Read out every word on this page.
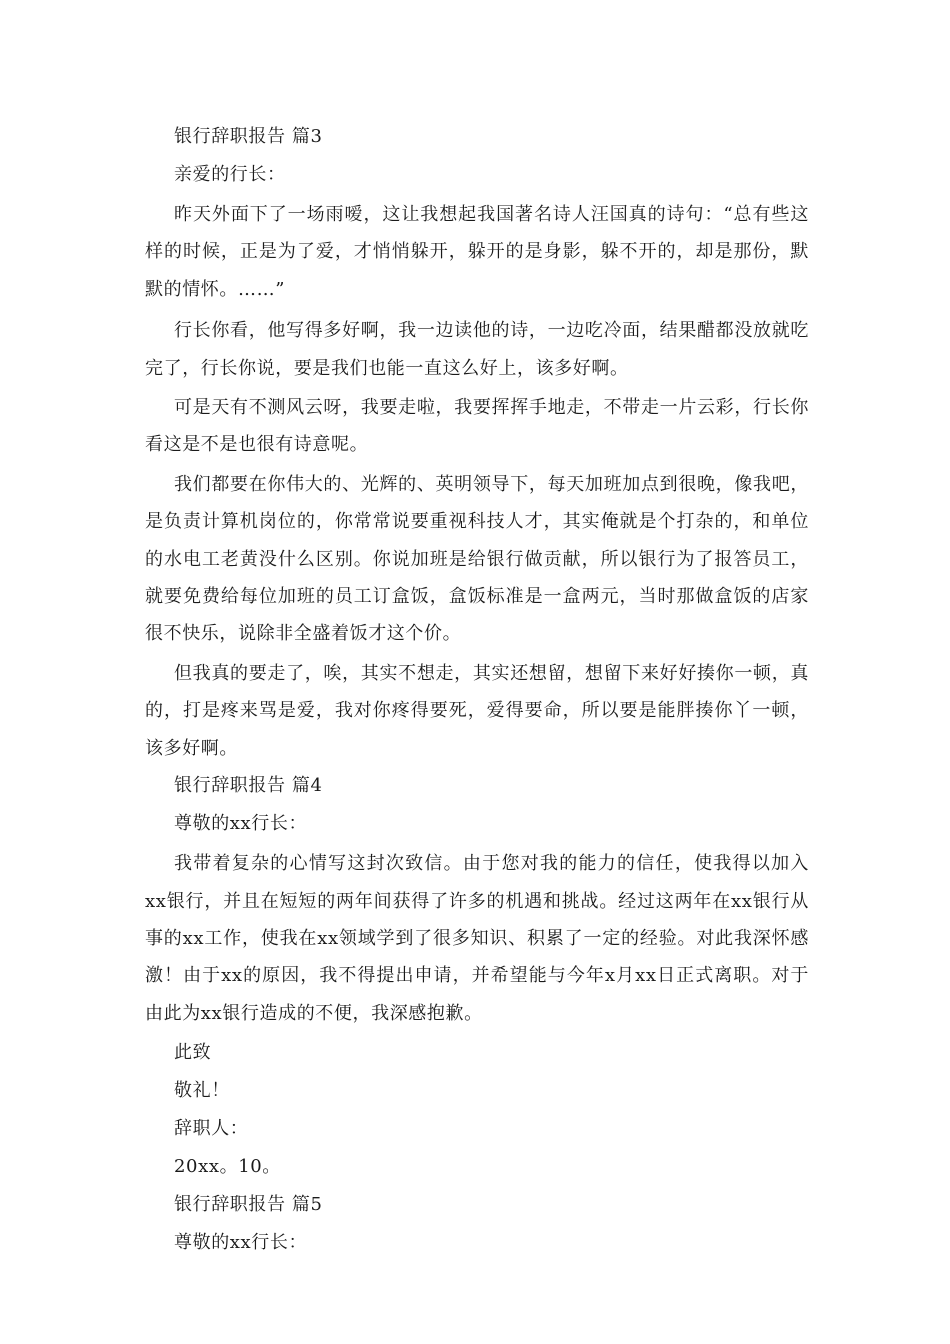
银行辞职报告 篇3
亲爱的行长：

昨天外面下了一场雨嗳，这让我想起我国著名诗人汪国真的诗句：“总有些这样的时候，正是为了爱，才悄悄躲开，躲开的是身影，躲不开的，却是那份，默默的情怀。……”

行长你看，他写得多好啊，我一边读他的诗，一边吃冷面，结果醋都没放就吃完了，行长你说，要是我们也能一直这么好上，该多好啊。

可是天有不测风云呀，我要走啦，我要挥挥手地走，不带走一片云彩，行长你看这是不是也很有诗意呢。

我们都要在你伟大的、光辉的、英明领导下，每天加班加点到很晚，像我吧，是负责计算机岗位的，你常常说要重视科技人才，其实俺就是个打杂的，和单位的水电工老黄没什么区别。你说加班是给银行做贡献，所以银行为了报答员工，就要免费给每位加班的员工订盒饭，盒饭标准是一盒两元，当时那做盒饭的店家很不快乐，说除非全盛着饭才这个价。

但我真的要走了，唉，其实不想走，其实还想留，想留下来好好揍你一顿，真的，打是疼来骂是爱，我对你疼得要死，爱得要命，所以要是能胖揍你丫一顿，该多好啊。

银行辞职报告 篇4
尊敬的xx行长：

我带着复杂的心情写这封次致信。由于您对我的能力的信任，使我得以加入xx银行，并且在短短的两年间获得了许多的机遇和挑战。经过这两年在xx银行从事的xx工作，使我在xx领域学到了很多知识、积累了一定的经验。对此我深怀感激！由于xx的原因，我不得提出申请，并希望能与今年x月xx日正式离职。对于由此为xx银行造成的不便，我深感抱歉。

此致
敬礼！
辞职人：
20xx。10。
银行辞职报告 篇5
尊敬的xx行长：
